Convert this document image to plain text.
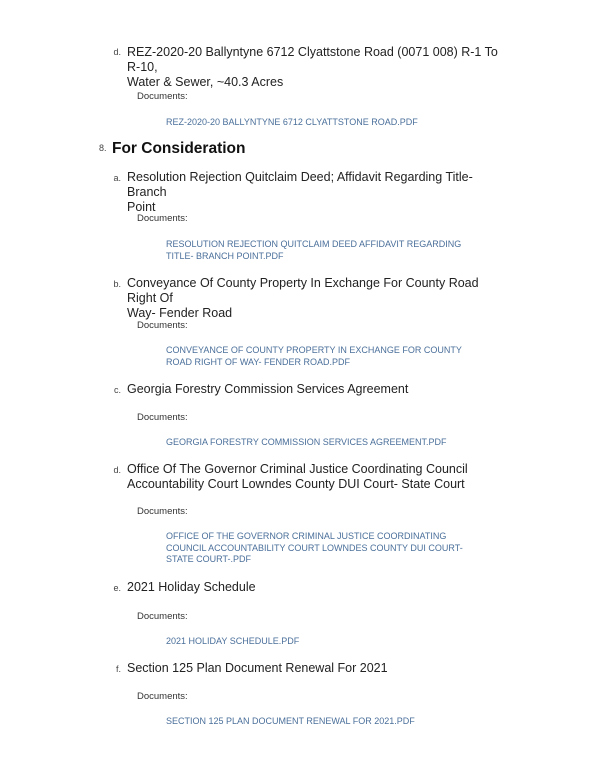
d. REZ-2020-20 Ballyntyne 6712 Clyattstone Road (0071 008) R-1 To R-10,
Water & Sewer, ~40.3 Acres
Documents:
REZ-2020-20 BALLYNTYNE 6712 CLYATTSTONE ROAD.PDF
8. For Consideration
a. Resolution Rejection Quitclaim Deed; Affidavit Regarding Title- Branch
Point
Documents:
RESOLUTION REJECTION QUITCLAIM DEED AFFIDAVIT REGARDING
TITLE- BRANCH POINT.PDF
b. Conveyance Of County Property In Exchange For County Road Right Of
Way- Fender Road
Documents:
CONVEYANCE OF COUNTY PROPERTY IN EXCHANGE FOR COUNTY
ROAD RIGHT OF WAY- FENDER ROAD.PDF
c. Georgia Forestry Commission Services Agreement
Documents:
GEORGIA FORESTRY COMMISSION SERVICES AGREEMENT.PDF
d. Office Of The Governor Criminal Justice Coordinating Council
Accountability Court Lowndes County DUI Court- State Court
Documents:
OFFICE OF THE GOVERNOR CRIMINAL JUSTICE COORDINATING
COUNCIL ACCOUNTABILITY COURT LOWNDES COUNTY DUI COURT-
STATE COURT-.PDF
e. 2021 Holiday Schedule
Documents:
2021 HOLIDAY SCHEDULE.PDF
f. Section 125 Plan Document Renewal For 2021
Documents:
SECTION 125 PLAN DOCUMENT RENEWAL FOR 2021.PDF
